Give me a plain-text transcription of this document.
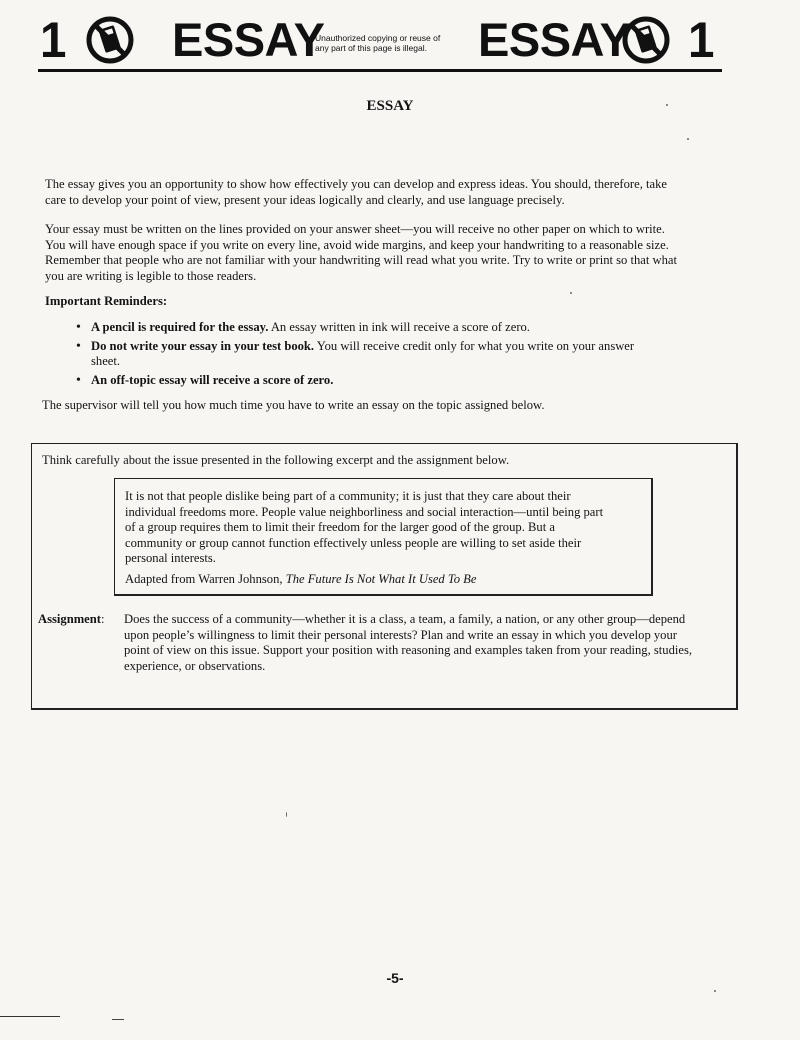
1 ESSAY
Unauthorized copying or reuse of
any part of this page is illegal. ESSAY 1
ESSAY
The essay gives you an opportunity to show how effectively you can develop and express ideas. You should, therefore, take
care to develop your point of view, present your ideas logically and clearly, and use language precisely.
Your essay must be written on the lines provided on your answer sheet—you will receive no other paper on which to write.
You will have enough space if you write on every line, avoid wide margins, and keep your handwriting to a reasonable size.
Remember that people who are not familiar with your handwriting will read what you write. Try to write or print so that what
you are writing is legible to those readers.
Important Reminders:
• A pencil is required for the essay. An essay written in ink will receive a score of zero.
• Do not write your essay in your test book. You will receive credit only for what you write on your answer sheet.
• An off-topic essay will receive a score of zero.
The supervisor will tell you how much time you have to write an essay on the topic assigned below.
Think carefully about the issue presented in the following excerpt and the assignment below.
It is not that people dislike being part of a community; it is just that they care about their
individual freedoms more. People value neighborliness and social interaction—until being part
of a group requires them to limit their freedom for the larger good of the group. But a
community or group cannot function effectively unless people are willing to set aside their
personal interests.
Adapted from Warren Johnson, The Future Is Not What It Used To Be
Assignment: Does the success of a community—whether it is a class, a team, a family, a nation, or any other group—depend
upon people’s willingness to limit their personal interests? Plan and write an essay in which you develop your
point of view on this issue. Support your position with reasoning and examples taken from your reading, studies,
experience, or observations.
-5-
